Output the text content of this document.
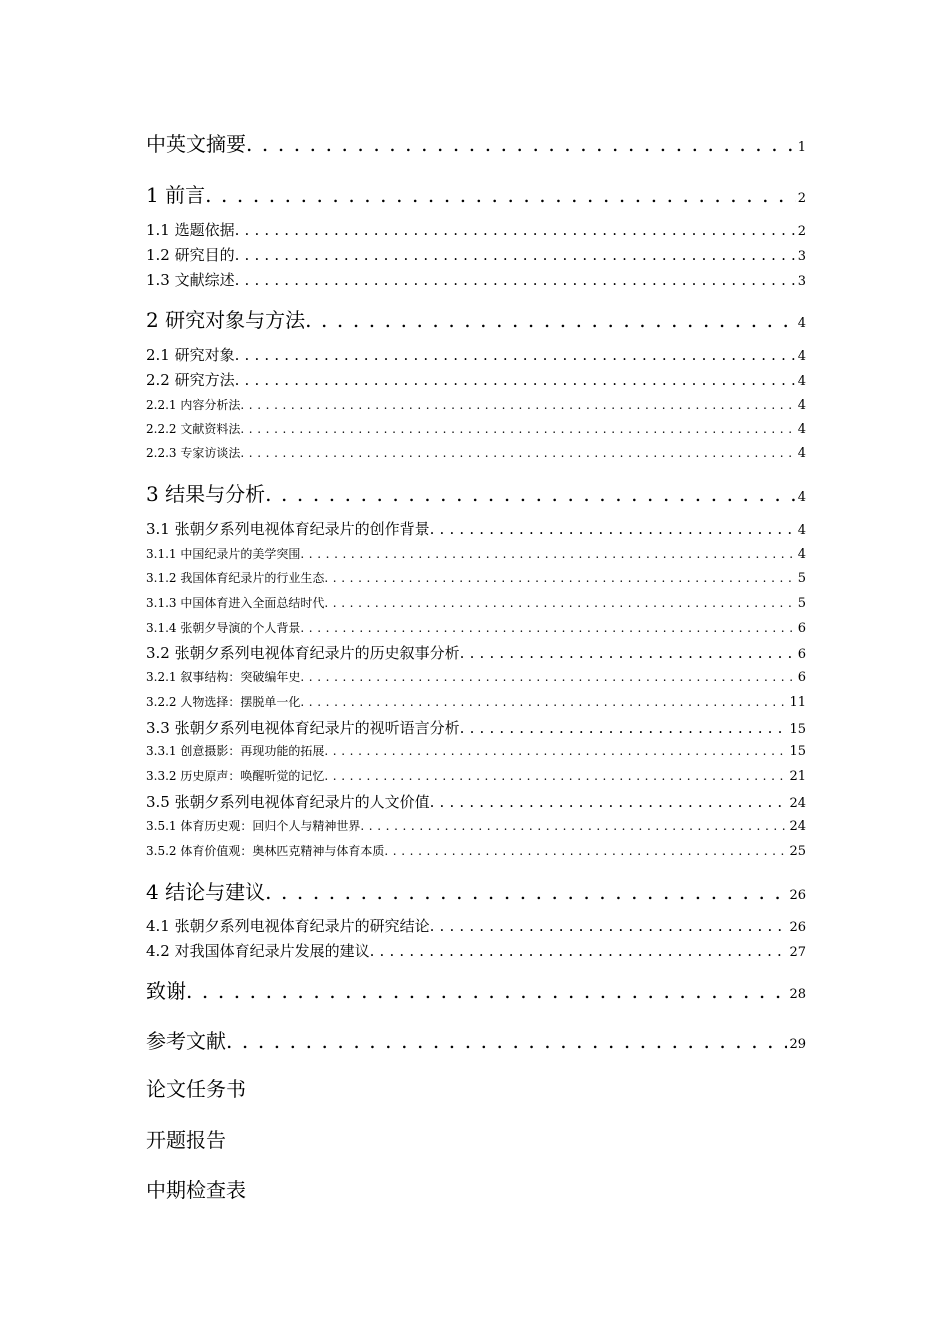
中英文摘要 . . .	1
1 前言 . . .	2
1.1 选题依据 . . .	2
1.2 研究目的 . . .	3
1.3 文献综述 . . .	3
2 研究对象与方法 . . .	4
2.1 研究对象 . . .	4
2.2 研究方法 . . .	4
2.2.1 内容分析法 . . .	4
2.2.2 文献资料法 . . .	4
2.2.3 专家访谈法 . . .	4
3 结果与分析 . . .	4
3.1 张朝夕系列电视体育纪录片的创作背景 . . .	4
3.1.1 中国纪录片的美学突围 . . .	4
3.1.2 我国体育纪录片的行业生态 . . .	5
3.1.3 中国体育进入全面总结时代 . . .	5
3.1.4 张朝夕导演的个人背景 . . .	6
3.2 张朝夕系列电视体育纪录片的历史叙事分析 . . .	6
3.2.1 叙事结构：突破编年史 . . .	6
3.2.2 人物选择：摆脱单一化 . . .	11
3.3 张朝夕系列电视体育纪录片的视听语言分析 . . .	15
3.3.1 创意摄影：再现功能的拓展 . . .	15
3.3.2 历史原声：唤醒听觉的记忆 . . .	21
3.5 张朝夕系列电视体育纪录片的人文价值 . . .	24
3.5.1 体育历史观：回归个人与精神世界 . . .	24
3.5.2 体育价值观：奥林匹克精神与体育本质 . . .	25
4 结论与建议 . . .	26
4.1 张朝夕系列电视体育纪录片的研究结论 . . .	26
4.2 对我国体育纪录片发展的建议 . . .	27
致谢 . . .	28
参考文献 . . .	29
论文任务书
开题报告
中期检查表
